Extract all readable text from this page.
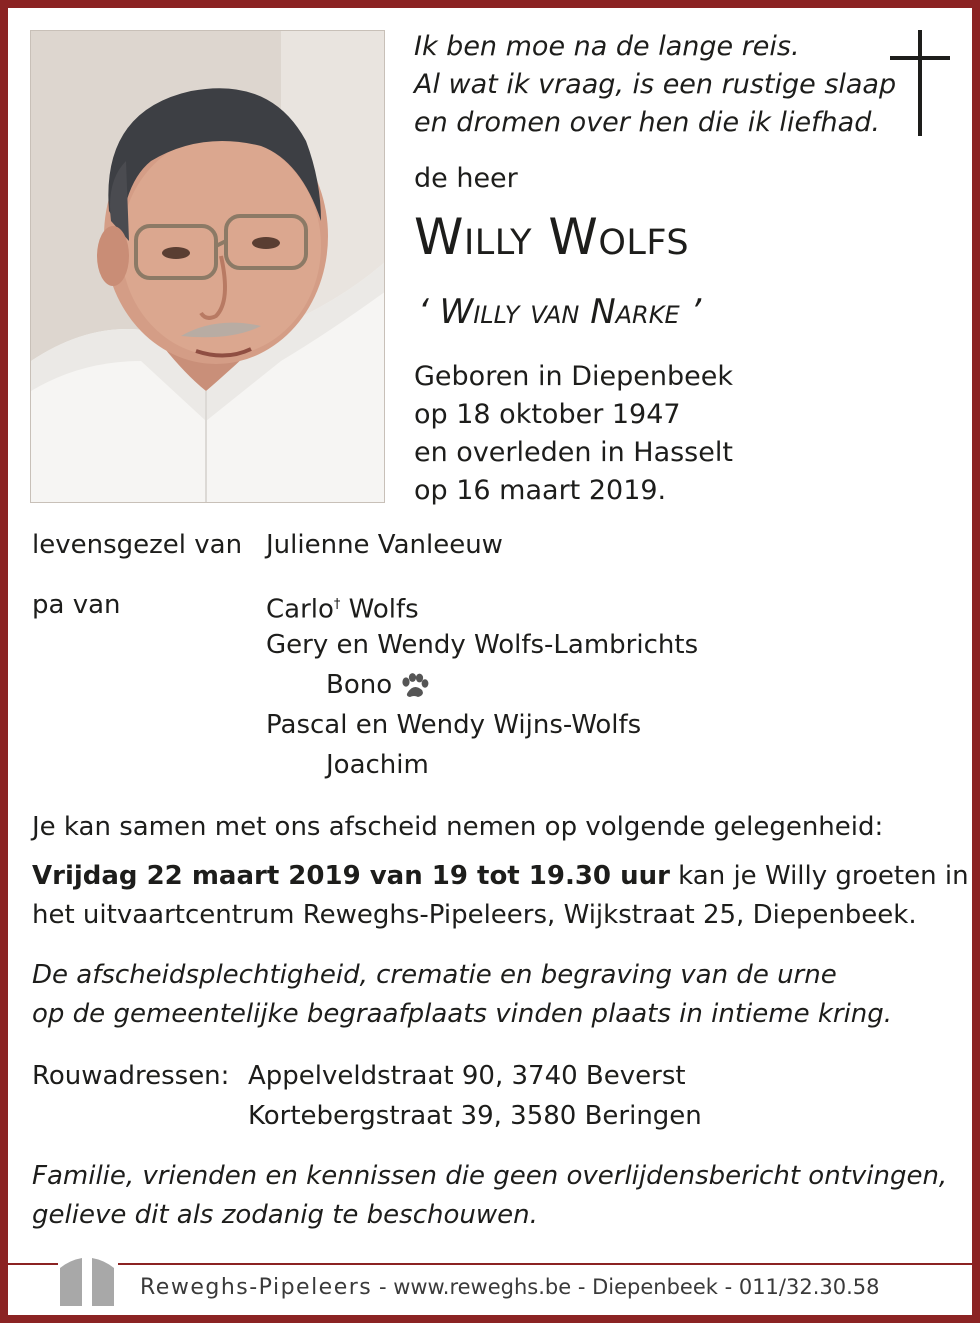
Ik ben moe na de lange reis.
Al wat ik vraag, is een rustige slaap
en dromen over hen die ik liefhad.
de heer
Willy Wolfs
‘ Willy van Narke ’
Geboren in Diepenbeek
op 18 oktober 1947
en overleden in Hasselt
op 16 maart 2019.
levensgezel van Julienne Vanleeuw
pa van	Carlo† Wolfs
Gery en Wendy Wolfs-Lambrichts
Bono
Pascal en Wendy Wijns-Wolfs
Joachim
Je kan samen met ons afscheid nemen op volgende gelegenheid:
Vrijdag 22 maart 2019 van 19 tot 19.30 uur kan je Willy groeten in
het uitvaartcentrum Reweghs-Pipeleers, Wijkstraat 25, Diepenbeek.
De afscheidsplechtigheid, crematie en begraving van de urne
op de gemeentelijke begraafplaats vinden plaats in intieme kring.
Rouwadressen: Appelveldstraat 90, 3740 Beverst
Kortebergstraat 39, 3580 Beringen
Familie, vrienden en kennissen die geen overlijdensbericht ontvingen,
gelieve dit als zodanig te beschouwen.
Reweghs-Pipeleers - www.reweghs.be - Diepenbeek - 011/32.30.58
